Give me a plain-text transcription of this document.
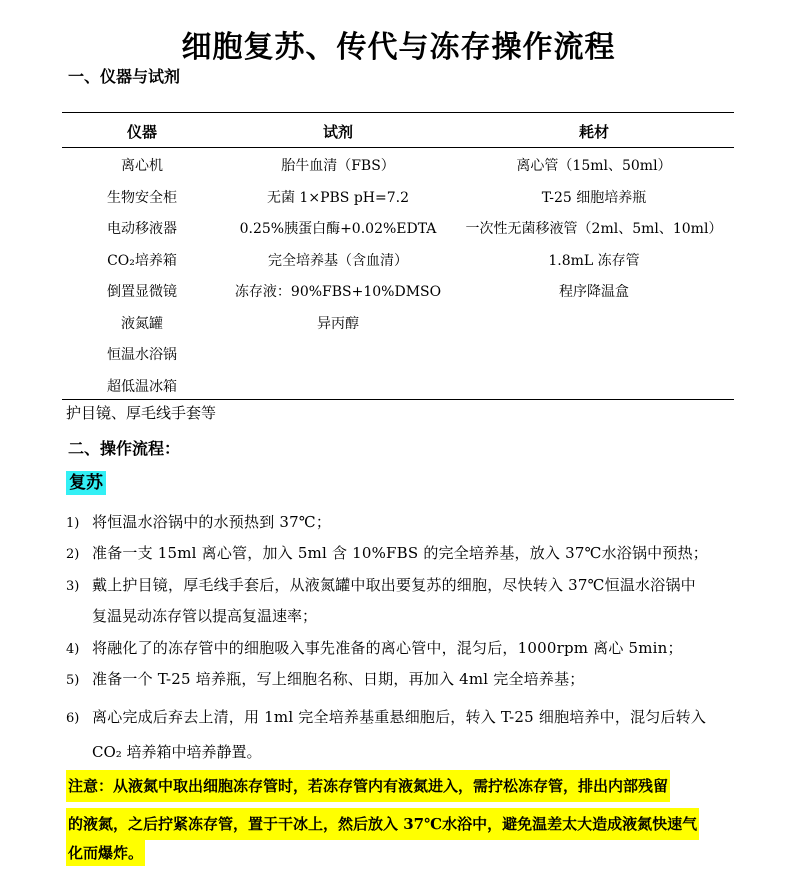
细胞复苏、传代与冻存操作流程
一、仪器与试剂
仪器	试剂	耗材
离心机
生物安全柜
电动移液器
CO₂培养箱
倒置显微镜
液氮罐
恒温水浴锅
超低温冰箱
胎牛血清（FBS）
无菌 1×PBS pH=7.2
0.25%胰蛋白酶+0.02%EDTA
完全培养基（含血清）
冻存液：90%FBS+10%DMSO
异丙醇
离心管（15ml、50ml）
T-25 细胞培养瓶
一次性无菌移液管（2ml、5ml、10ml）
1.8mL 冻存管
程序降温盒
护目镜、厚毛线手套等
二、操作流程：
复苏
1) 将恒温水浴锅中的水预热到 37℃；
2) 准备一支 15ml 离心管，加入 5ml 含 10%FBS 的完全培养基，放入 37℃水浴锅中预热；
3) 戴上护目镜，厚毛线手套后，从液氮罐中取出要复苏的细胞，尽快转入 37℃恒温水浴锅中
复温晃动冻存管以提高复温速率；
4) 将融化了的冻存管中的细胞吸入事先准备的离心管中，混匀后，1000rpm 离心 5min；
5) 准备一个 T-25 培养瓶，写上细胞名称、日期，再加入 4ml 完全培养基；
6) 离心完成后弃去上清，用 1ml 完全培养基重悬细胞后，转入 T-25 细胞培养中，混匀后转入
CO₂ 培养箱中培养静置。
注意：从液氮中取出细胞冻存管时，若冻存管内有液氮进入，需拧松冻存管，排出内部残留
的液氮，之后拧紧冻存管，置于干冰上，然后放入 37℃水浴中，避免温差太大造成液氮快速气
化而爆炸。
